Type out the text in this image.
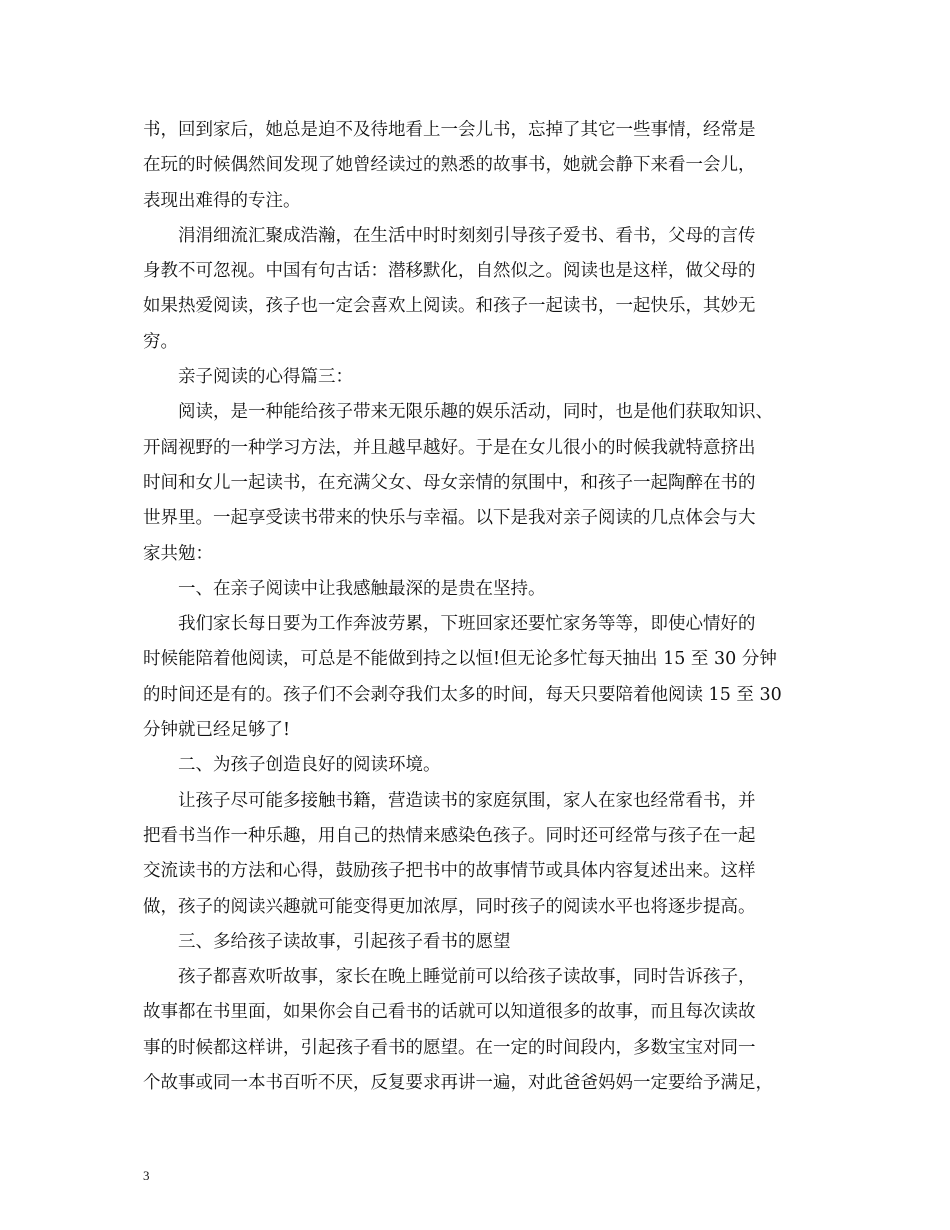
书，回到家后，她总是迫不及待地看上一会儿书，忘掉了其它一些事情，经常是

在玩的时候偶然间发现了她曾经读过的熟悉的故事书，她就会静下来看一会儿，

表现出难得的专注。

涓涓细流汇聚成浩瀚，在生活中时时刻刻引导孩子爱书、看书，父母的言传

身教不可忽视。中国有句古话：潜移默化，自然似之。阅读也是这样，做父母的

如果热爱阅读，孩子也一定会喜欢上阅读。和孩子一起读书，一起快乐，其妙无

穷。

亲子阅读的心得篇三：

阅读，是一种能给孩子带来无限乐趣的娱乐活动，同时，也是他们获取知识、

开阔视野的一种学习方法，并且越早越好。于是在女儿很小的时候我就特意挤出

时间和女儿一起读书，在充满父女、母女亲情的氛围中，和孩子一起陶醉在书的

世界里。一起享受读书带来的快乐与幸福。以下是我对亲子阅读的几点体会与大

家共勉：

一、在亲子阅读中让我感触最深的是贵在坚持。

我们家长每日要为工作奔波劳累，下班回家还要忙家务等等，即使心情好的

时候能陪着他阅读，可总是不能做到持之以恒!但无论多忙每天抽出 15 至 30 分钟

的时间还是有的。孩子们不会剥夺我们太多的时间，每天只要陪着他阅读 15 至 30

分钟就已经足够了!

二、为孩子创造良好的阅读环境。

让孩子尽可能多接触书籍，营造读书的家庭氛围，家人在家也经常看书，并

把看书当作一种乐趣，用自己的热情来感染色孩子。同时还可经常与孩子在一起

交流读书的方法和心得，鼓励孩子把书中的故事情节或具体内容复述出来。这样

做，孩子的阅读兴趣就可能变得更加浓厚，同时孩子的阅读水平也将逐步提高。

三、多给孩子读故事，引起孩子看书的愿望

孩子都喜欢听故事，家长在晚上睡觉前可以给孩子读故事，同时告诉孩子，

故事都在书里面，如果你会自己看书的话就可以知道很多的故事，而且每次读故

事的时候都这样讲，引起孩子看书的愿望。在一定的时间段内，多数宝宝对同一

个故事或同一本书百听不厌，反复要求再讲一遍，对此爸爸妈妈一定要给予满足，

3
